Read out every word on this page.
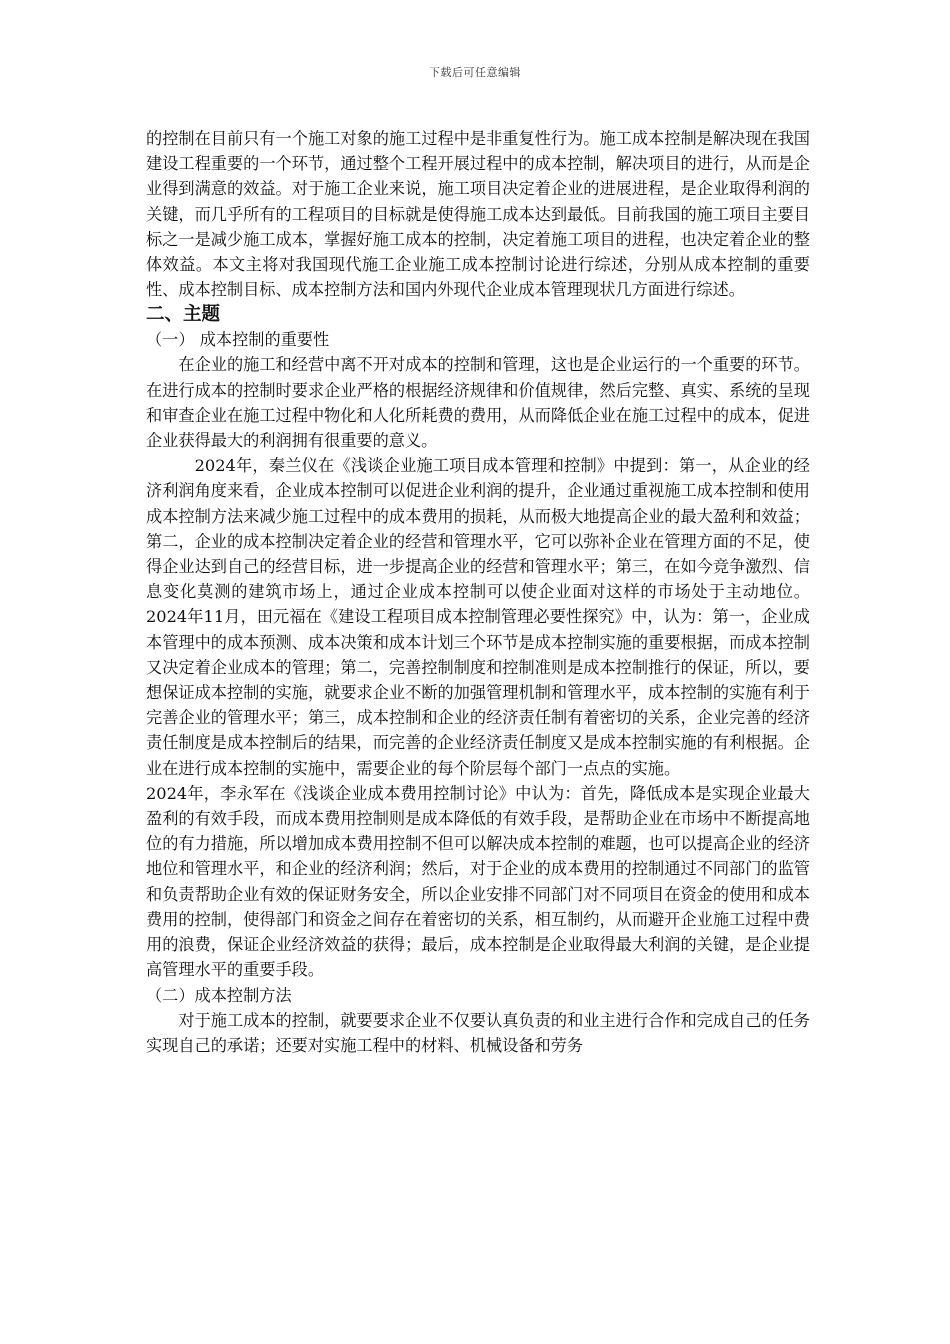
下载后可任意编辑

的控制在目前只有一个施工对象的施工过程中是非重复性行为。施工成本控制是解决现在我国建设工程重要的一个环节，通过整个工程开展过程中的成本控制，解决项目的进行，从而是企业得到满意的效益。对于施工企业来说，施工项目决定着企业的进展进程，是企业取得利润的关键，而几乎所有的工程项目的目标就是使得施工成本达到最低。目前我国的施工项目主要目标之一是减少施工成本，掌握好施工成本的控制，决定着施工项目的进程，也决定着企业的整体效益。本文主将对我国现代施工企业施工成本控制讨论进行综述，分别从成本控制的重要性、成本控制目标、成本控制方法和国内外现代企业成本管理现状几方面进行综述。

二、主题

（一） 成本控制的重要性

在企业的施工和经营中离不开对成本的控制和管理，这也是企业运行的一个重要的环节。在进行成本的控制时要求企业严格的根据经济规律和价值规律，然后完整、真实、系统的呈现和审查企业在施工过程中物化和人化所耗费的费用，从而降低企业在施工过程中的成本，促进企业获得最大的利润拥有很重要的意义。

2024年，秦兰仪在《浅谈企业施工项目成本管理和控制》中提到：第一，从企业的经济利润角度来看，企业成本控制可以促进企业利润的提升，企业通过重视施工成本控制和使用成本控制方法来减少施工过程中的成本费用的损耗，从而极大地提高企业的最大盈利和效益；第二，企业的成本控制决定着企业的经营和管理水平，它可以弥补企业在管理方面的不足，使得企业达到自己的经营目标，进一步提高企业的经营和管理水平；第三，在如今竞争激烈、信息变化莫测的建筑市场上，通过企业成本控制可以使企业面对这样的市场处于主动地位。2024年11月，田元福在《建设工程项目成本控制管理必要性探究》中，认为：第一，企业成本管理中的成本预测、成本决策和成本计划三个环节是成本控制实施的重要根据，而成本控制又决定着企业成本的管理；第二，完善控制制度和控制准则是成本控制推行的保证，所以，要想保证成本控制的实施，就要求企业不断的加强管理机制和管理水平，成本控制的实施有利于完善企业的管理水平；第三，成本控制和企业的经济责任制有着密切的关系，企业完善的经济责任制度是成本控制后的结果，而完善的企业经济责任制度又是成本控制实施的有利根据。企业在进行成本控制的实施中，需要企业的每个阶层每个部门一点点的实施。

2024年，李永军在《浅谈企业成本费用控制讨论》中认为：首先，降低成本是实现企业最大盈利的有效手段，而成本费用控制则是成本降低的有效手段，是帮助企业在市场中不断提高地位的有力措施，所以增加成本费用控制不但可以解决成本控制的难题，也可以提高企业的经济地位和管理水平，和企业的经济利润；然后，对于企业的成本费用的控制通过不同部门的监管和负责帮助企业有效的保证财务安全，所以企业安排不同部门对不同项目在资金的使用和成本费用的控制，使得部门和资金之间存在着密切的关系，相互制约，从而避开企业施工过程中费用的浪费，保证企业经济效益的获得；最后，成本控制是企业取得最大利润的关键，是企业提高管理水平的重要手段。

（二）成本控制方法

对于施工成本的控制，就要要求企业不仅要认真负责的和业主进行合作和完成自己的任务实现自己的承诺；还要对实施工程中的材料、机械设备和劳务
